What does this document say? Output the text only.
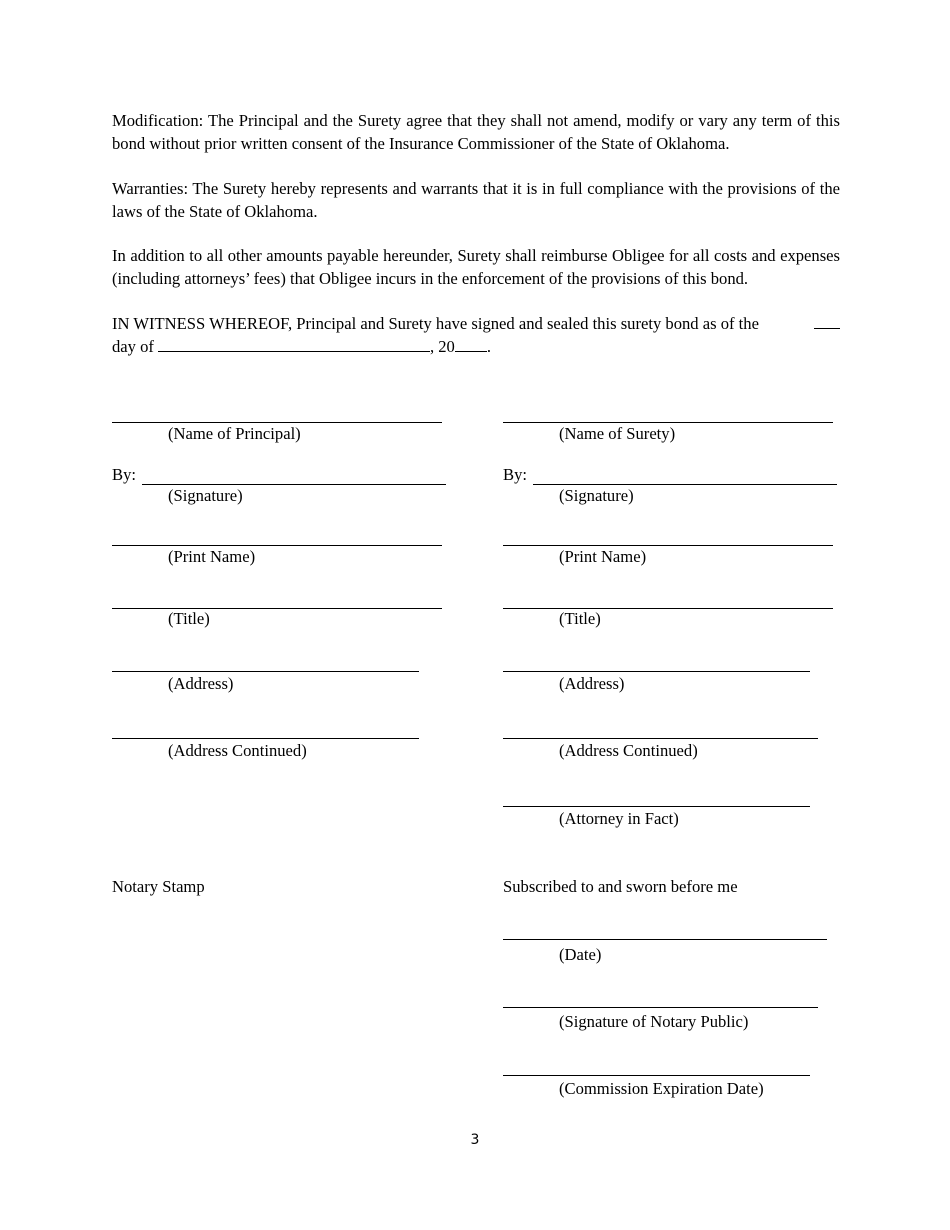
Modification: The Principal and the Surety agree that they shall not amend, modify or vary any term of this bond without prior written consent of the Insurance Commissioner of the State of Oklahoma.
Warranties: The Surety hereby represents and warrants that it is in full compliance with the provisions of the laws of the State of Oklahoma.
In addition to all other amounts payable hereunder, Surety shall reimburse Obligee for all costs and expenses (including attorneys’ fees) that Obligee incurs in the enforcement of the provisions of this bond.
IN WITNESS WHEREOF, Principal and Surety have signed and sealed this surety bond as of the
day of	, 20 .
(Name of Principal)
By:
(Signature)
(Print Name)
(Title)
(Address)
(Address Continued)
(Name of Surety)
By:
(Signature)
(Print Name)
(Title)
(Address)
(Address Continued)
(Attorney in Fact)
Notary Stamp	Subscribed to and sworn before me
(Date)
(Signature of Notary Public)
(Commission Expiration Date)
3
